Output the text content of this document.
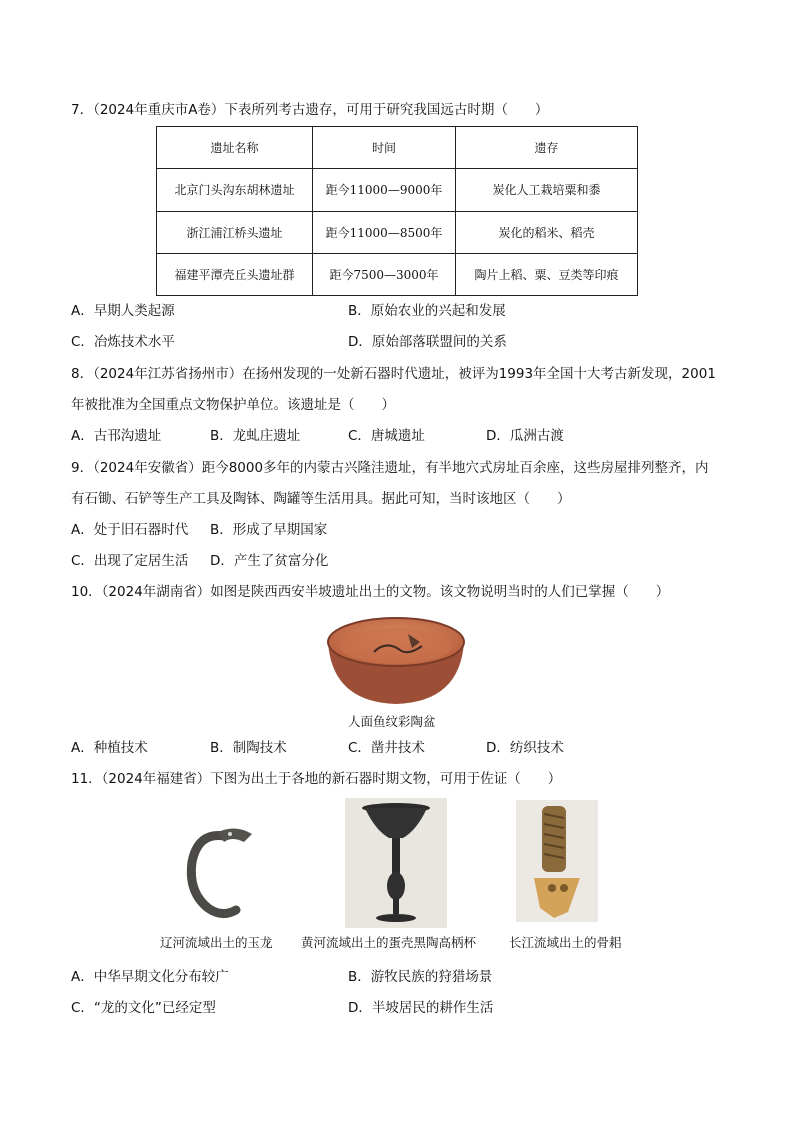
7．（2024年重庆市A卷）下表所列考古遗存，可用于研究我国远古时期（　　）
遗址名称	时间	遗存
北京门头沟东胡林遗址	距今11000—9000年	炭化人工栽培粟和黍
浙江浦江桥头遗址	距今11000—8500年	炭化的稻米、稻壳
福建平潭壳丘头遗址群	距今7500—3000年	陶片上稻、粟、豆类等印痕
A．早期人类起源	B．原始农业的兴起和发展
C．冶炼技术水平	D．原始部落联盟间的关系
8．（2024年江苏省扬州市）在扬州发现的一处新石器时代遗址，被评为1993年全国十大考古新发现，2001
年被批准为全国重点文物保护单位。该遗址是（　　）
A．古邗沟遗址	B．龙虬庄遗址	C．唐城遗址	D．瓜洲古渡
9．（2024年安徽省）距今8000多年的内蒙古兴隆洼遗址，有半地穴式房址百余座，这些房屋排列整齐，内
有石锄、石铲等生产工具及陶钵、陶罐等生活用具。据此可知，当时该地区（　　）
A．处于旧石器时代 B．形成了早期国家
C．出现了定居生活 D．产生了贫富分化
10．（2024年湖南省）如图是陕西西安半坡遗址出土的文物。该文物说明当时的人们已掌握（　　）
人面鱼纹彩陶盆
A．种植技术	B．制陶技术	C．凿井技术	D．纺织技术
11．（2024年福建省）下图为出土于各地的新石器时期文物，可用于佐证（　　）
辽河流域出土的玉龙 黄河流域出土的蛋壳黑陶高柄杯	长江流域出土的骨耜
A．中华早期文化分布较广	B．游牧民族的狩猎场景
C．“龙的文化”已经定型	D．半坡居民的耕作生活
